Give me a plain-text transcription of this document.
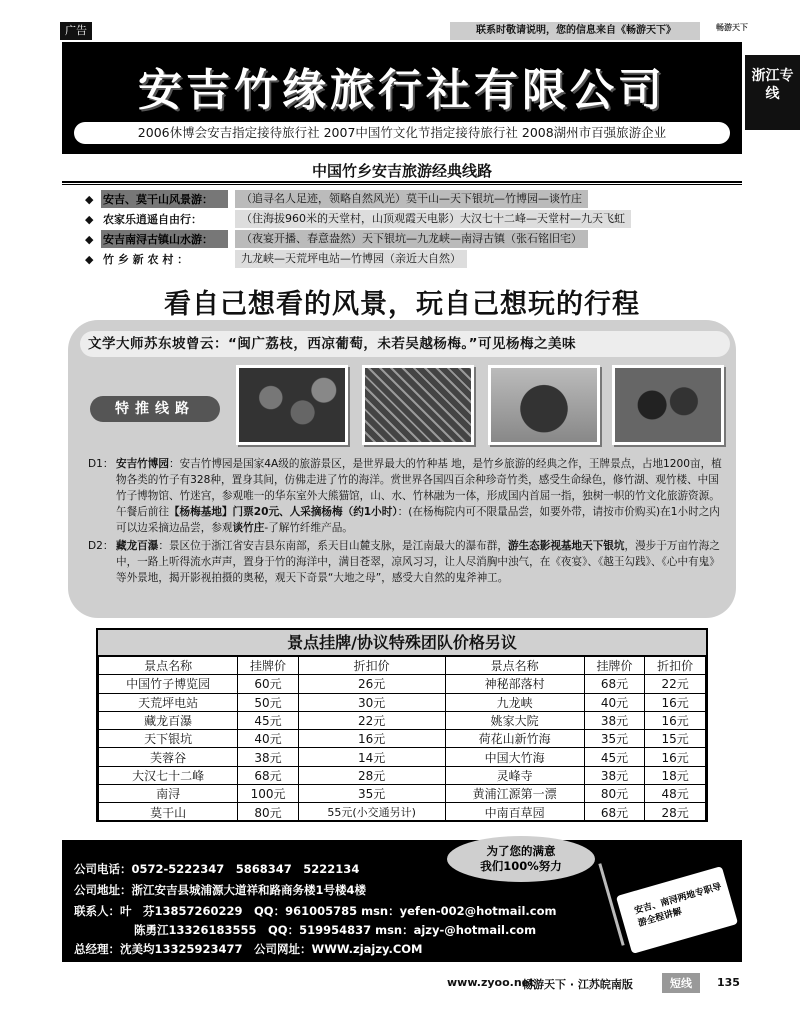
广告	联系时敬请说明，您的信息来自《畅游天下》	畅游天下
浙江专线
安吉竹缘旅行社有限公司
2006休博会安吉指定接待旅行社 2007中国竹文化节指定接待旅行社 2008湖州市百强旅游企业
中国竹乡安吉旅游经典线路
◆ 安吉、莫干山风景游：	（追寻名人足迹，领略自然风光）莫干山—天下银坑—竹博园—谈竹庄
◆ 农家乐逍遥自由行：	（住海拔960米的天堂村，山顶观霞天电影）大汉七十二峰—天堂村—九天飞虹
◆ 安吉南浔古镇山水游：	（夜宴开播、春意盎然）天下银坑—九龙峡—南浔古镇（张石铭旧宅）
◆ 竹 乡 新 农 村 ：	九龙峡—天荒坪电站—竹博园（亲近大自然）
看自己想看的风景，玩自己想玩的行程
文学大师苏东坡曾云：“闽广荔枝，西凉葡萄，未若吴越杨梅。”可见杨梅之美味
特推线路
D1： 安吉竹博园：安吉竹博园是国家4A级的旅游景区，是世界最大的竹种基 地，是竹乡旅游的经典之作，王牌景点，占地1200亩，植物各类的竹子有328种，置身其间，仿佛走进了竹的海洋。赏世界各国四百余种珍奇竹类，感受生命绿色，修竹湖、观竹楼、中国竹子博物馆、竹迷宫，参观唯一的华东室外大熊猫馆，山、水、竹林融为一体，形成国内首屈一指，独树一帜的竹文化旅游资源。午餐后前往【杨梅基地】门票20元、人采摘杨梅（约1小时）：(在杨梅院内可不限量品尝，如要外带，请按市价购买)在1小时之内可以边采摘边品尝，参观谈竹庄-了解竹纤维产品。
D2： 藏龙百瀑：景区位于浙江省安吉县东南部，系天目山麓支脉，是江南最大的瀑布群，游生态影视基地天下银坑，漫步于万亩竹海之中，一路上听得流水声声，置身于竹的海洋中，满目苍翠，凉风习习，让人尽消胸中浊气，在《夜宴》、《越王勾践》、《心中有鬼》等外景地，揭开影视拍摄的奥秘，观天下奇景“大地之母”，感受大自然的鬼斧神工。
景点挂牌/协议特殊团队价格另议
景点名称	挂牌价	折扣价	景点名称	挂牌价	折扣价
中国竹子博览园	60元	26元	神秘部落村	68元	22元
天荒坪电站	50元	30元	九龙峡	40元	16元
藏龙百瀑	45元	22元	姚家大院	38元	16元
天下银坑	40元	16元	荷花山新竹海	35元	15元
芙蓉谷	38元	14元	中国大竹海	45元	16元
大汉七十二峰	68元	28元	灵峰寺	38元	18元
南浔	100元	35元	黄浦江源第一漂	80元	48元
莫干山	80元	55元(小交通另计)	中南百草园	68元	28元
公司电话：0572-5222347　5868347　5222134
公司地址：浙江安吉县城浦源大道祥和路商务楼1号楼4楼
联系人：叶　芬13857260229　QQ：961005785 msn：yefen-002@hotmail.com
陈勇江13326183555　QQ：519954837 msn：ajzy-@hotmail.com
总经理：沈美均13325923477　公司网址：WWW.zjajzy.COM
为了您的满意
我们100%努力
安吉、南浔两地专职导游全程讲解
www.zyoo.net
畅游天下 · 江苏皖南版	短线	135
